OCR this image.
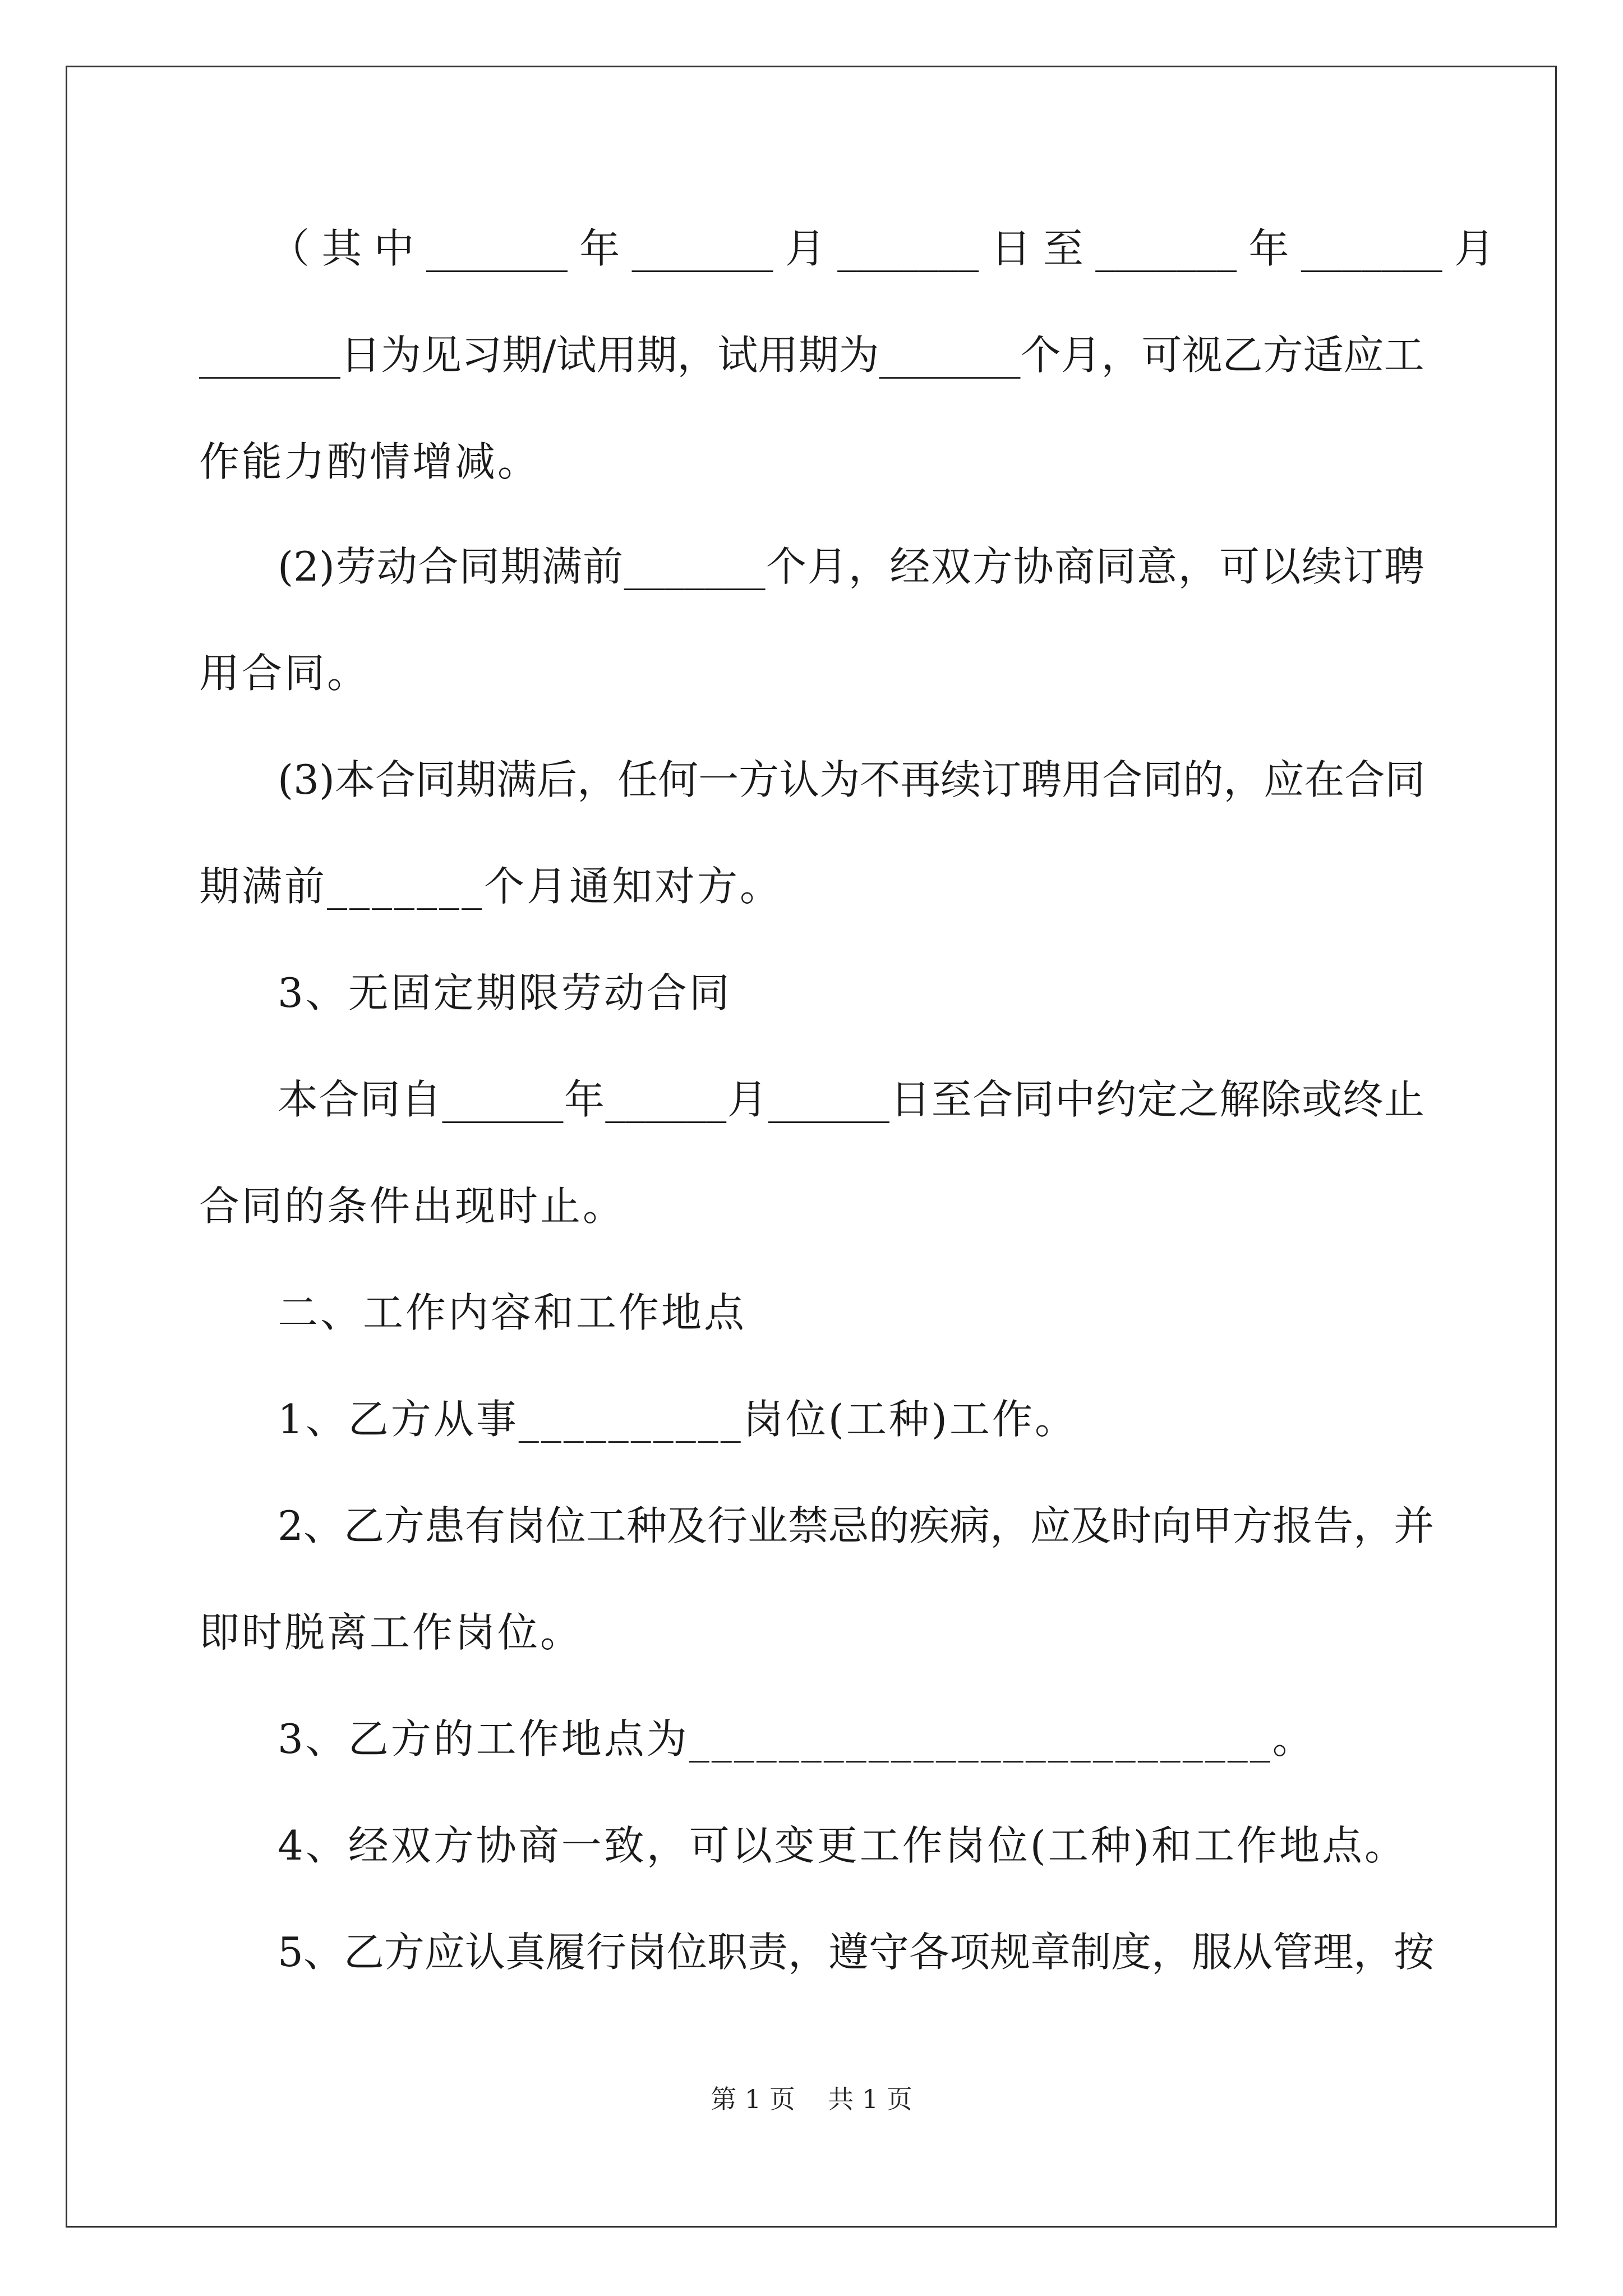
（ 其 中 _______ 年 _______ 月 _______ 日 至 _______ 年 _______ 月
_______ 日 为 见 习 期 / 试 用 期 ， 试 用 期 为 _______ 个 月 ， 可 视 乙 方 适 应 工
作能力酌情增减。
(2) 劳 动 合 同 期 满 前 _______ 个 月 ， 经 双 方 协 商 同 意 ， 可 以 续 订 聘
用合同。
(3) 本 合 同 期 满 后 ， 任 何 一 方 认 为 不 再 续 订 聘 用 合 同 的 ， 应 在 合 同
期满前_______个月通知对方。
3、无固定期限劳动合同
本 合 同 自 ______ 年 ______ 月 ______ 日 至 合 同 中 约 定 之 解 除 或 终 止
合同的条件出现时止。
二、工作内容和工作地点
1、乙方从事__________岗位(工种)工作。
2 、 乙 方 患 有 岗 位 工 种 及 行 业 禁 忌 的 疾 病 ， 应 及 时 向 甲 方 报 告 ， 并
即时脱离工作岗位。
3、乙方的工作地点为__________________________。
4、经双方协商一致，可以变更工作岗位(工种)和工作地点。
5 、 乙 方 应 认 真 履 行 岗 位 职 责 ， 遵 守 各 项 规 章 制 度 ， 服 从 管 理 ， 按
第 1 页    共 1 页
